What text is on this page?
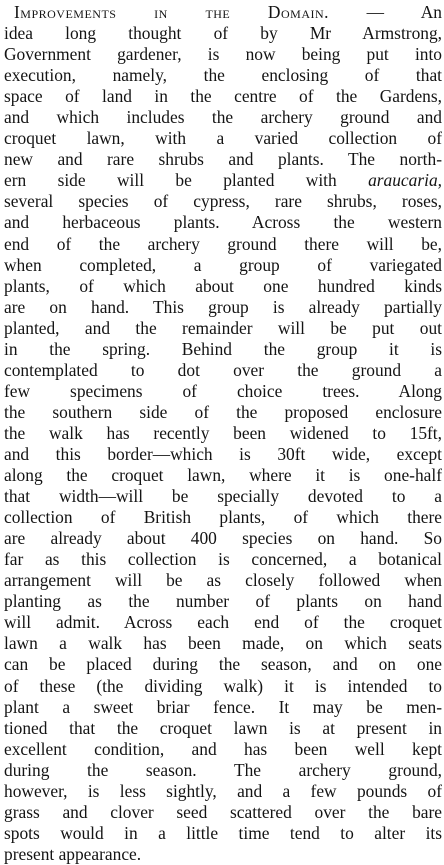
Improvements in the Domain. — An
idea long thought of by Mr Armstrong,
Government gardener, is now being put into
execution, namely, the enclosing of that
space of land in the centre of the Gardens,
and which includes the archery ground and
croquet lawn, with a varied collection of
new and rare shrubs and plants. The north-
ern side will be planted with araucaria,
several species of cypress, rare shrubs, roses,
and herbaceous plants. Across the western
end of the archery ground there will be,
when completed, a group of variegated
plants, of which about one hundred kinds
are on hand. This group is already partially
planted, and the remainder will be put out
in the spring. Behind the group it is
contemplated to dot over the ground a
few specimens of choice trees. Along
the southern side of the proposed enclosure
the walk has recently been widened to 15ft,
and this border—which is 30ft wide, except
along the croquet lawn, where it is one-half
that width—will be specially devoted to a
collection of British plants, of which there
are already about 400 species on hand. So
far as this collection is concerned, a botanical
arrangement will be as closely followed when
planting as the number of plants on hand
will admit. Across each end of the croquet
lawn a walk has been made, on which seats
can be placed during the season, and on one
of these (the dividing walk) it is intended to
plant a sweet briar fence. It may be men-
tioned that the croquet lawn is at present in
excellent condition, and has been well kept
during the season. The archery ground,
however, is less sightly, and a few pounds of
grass and clover seed scattered over the bare
spots would in a little time tend to alter its
present appearance.
